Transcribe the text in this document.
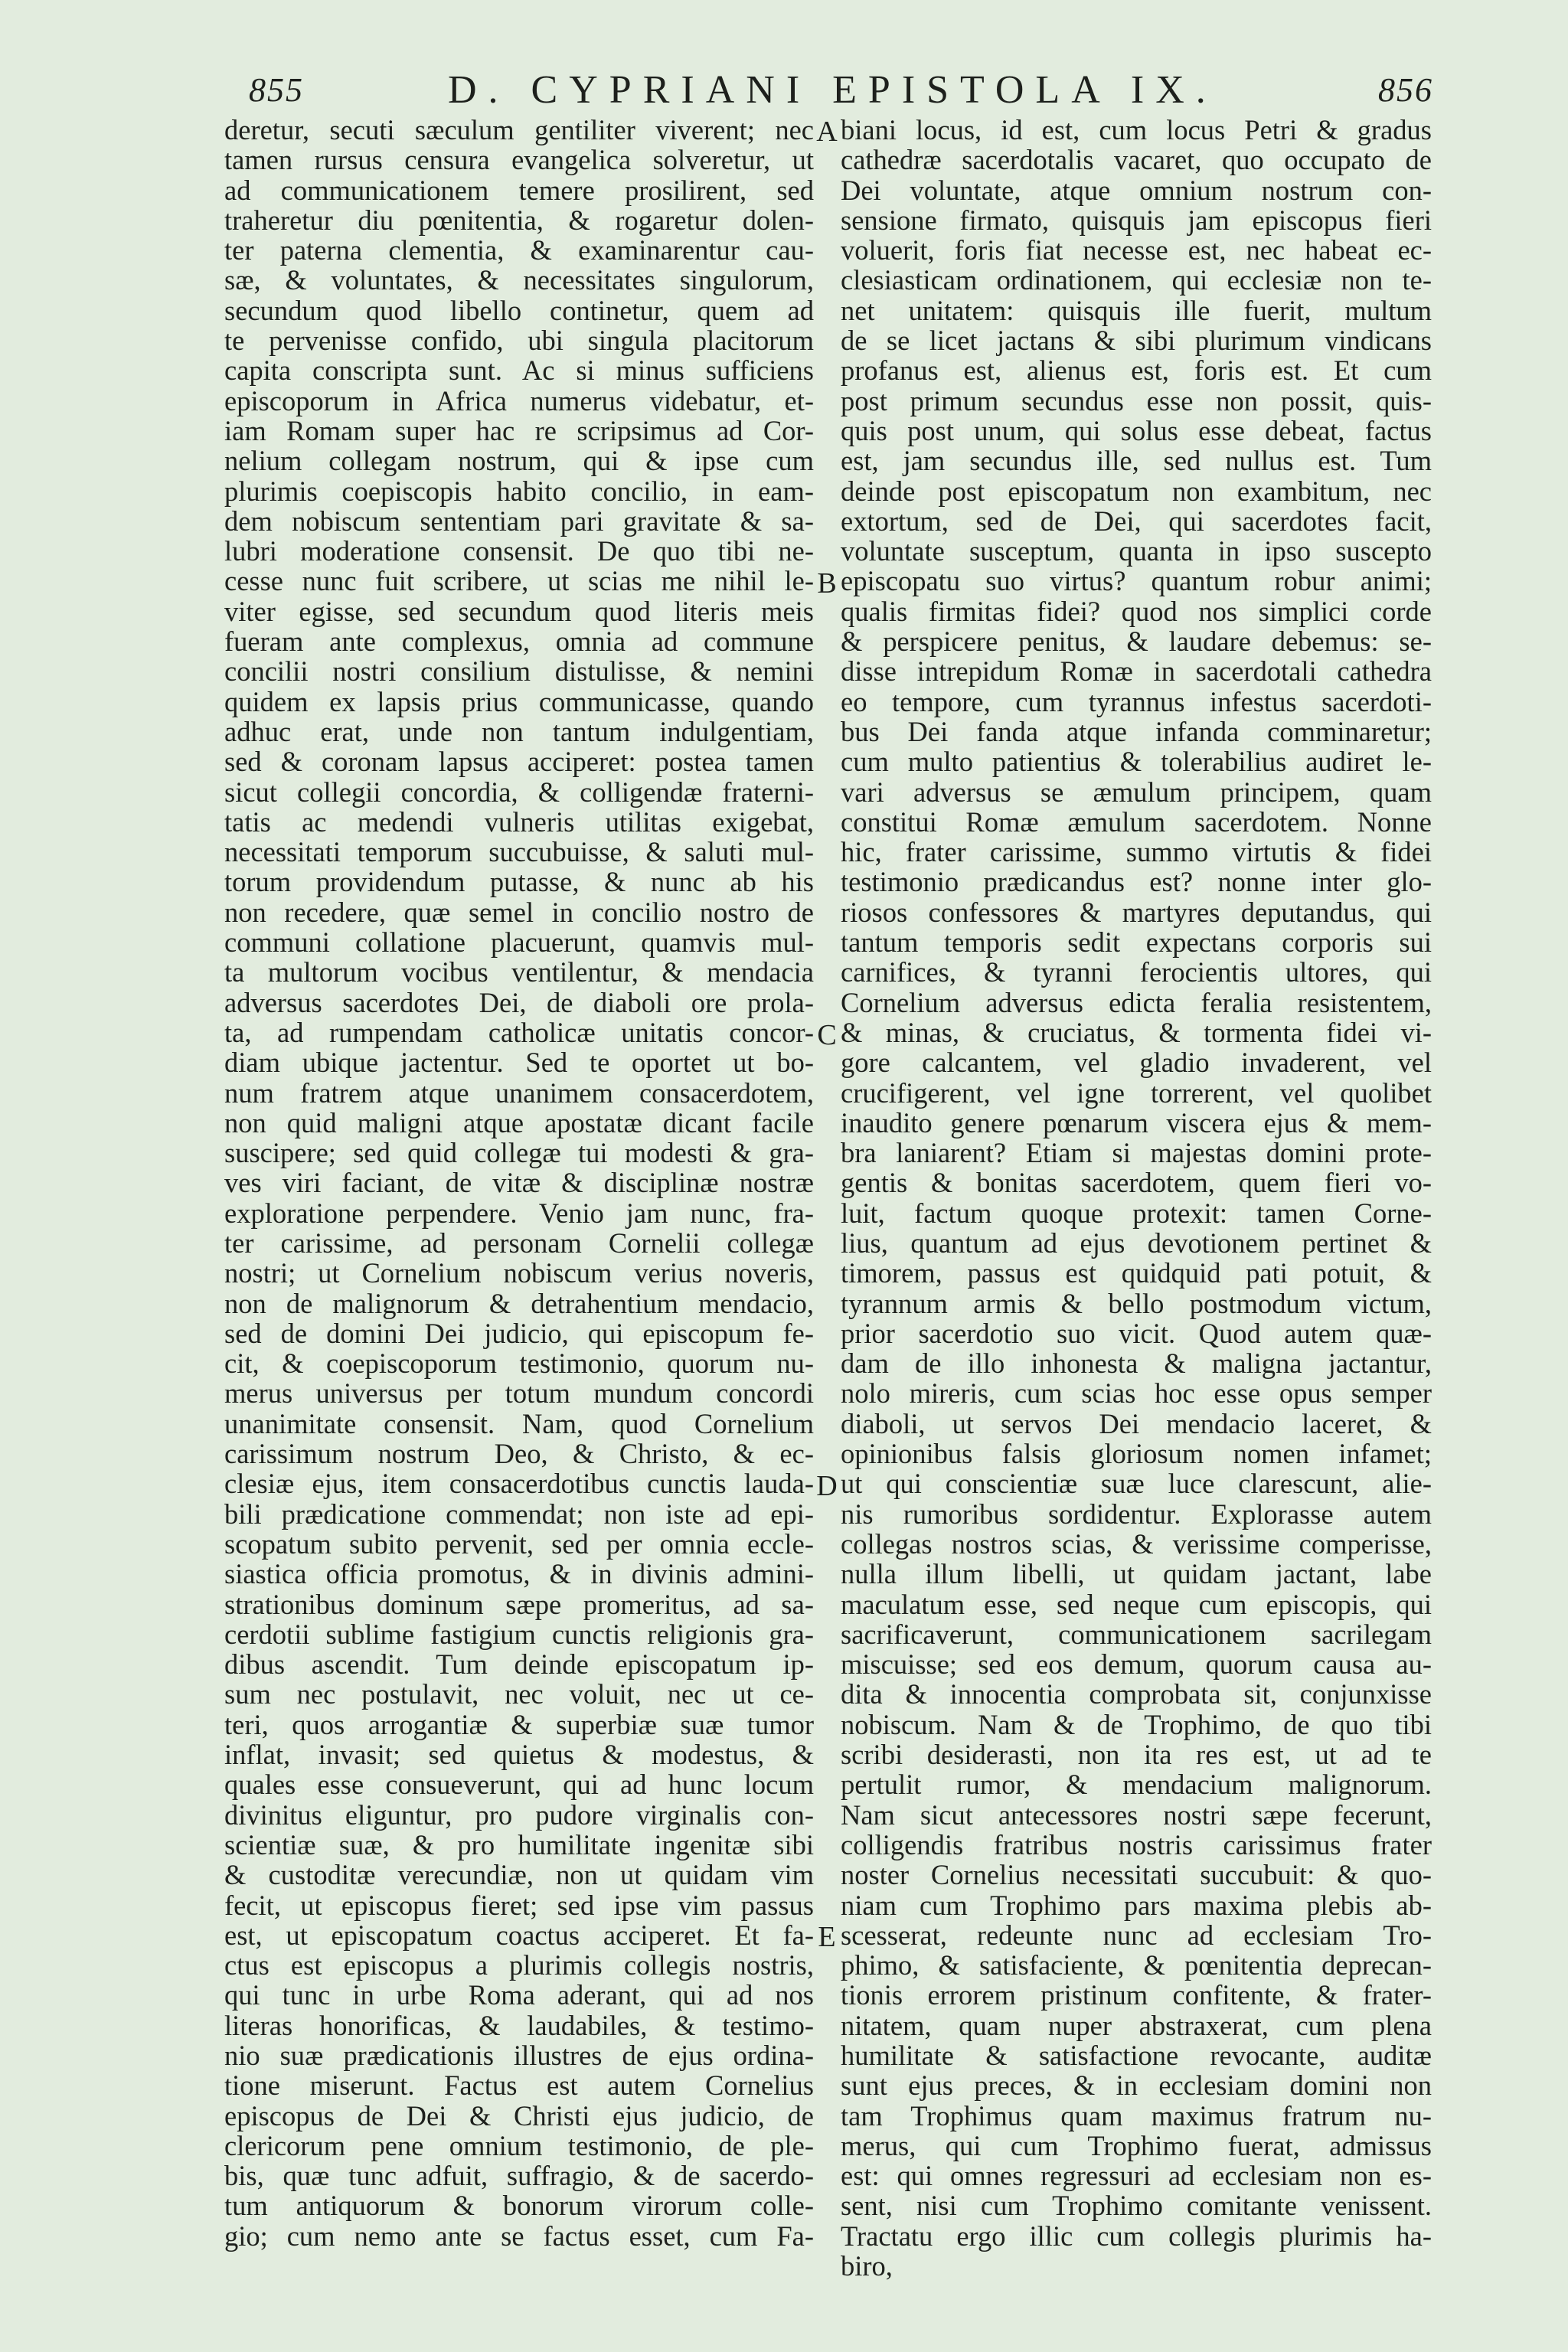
855	D. CYPRIANI EPISTOLA IX.	856
deretur, secuti sæculum gentiliter viverent; nec
tamen rursus censura evangelica solveretur, ut
ad communicationem temere prosilirent, sed
traheretur diu pœnitentia, & rogaretur dolen-
ter paterna clementia, & examinarentur cau-
sæ, & voluntates, & necessitates singulorum,
secundum quod libello continetur, quem ad
te pervenisse confido, ubi singula placitorum
capita conscripta sunt. Ac si minus sufficiens
episcoporum in Africa numerus videbatur, et-
iam Romam super hac re scripsimus ad Cor-
nelium collegam nostrum, qui & ipse cum
plurimis coepiscopis habito concilio, in eam-
dem nobiscum sententiam pari gravitate & sa-
lubri moderatione consensit. De quo tibi ne-
cesse nunc fuit scribere, ut scias me nihil le-
viter egisse, sed secundum quod literis meis
fueram ante complexus, omnia ad commune
concilii nostri consilium distulisse, & nemini
quidem ex lapsis prius communicasse, quando
adhuc erat, unde non tantum indulgentiam,
sed & coronam lapsus acciperet: postea tamen
sicut collegii concordia, & colligendæ fraterni-
tatis ac medendi vulneris utilitas exigebat,
necessitati temporum succubuisse, & saluti mul-
torum providendum putasse, & nunc ab his
non recedere, quæ semel in concilio nostro de
communi collatione placuerunt, quamvis mul-
ta multorum vocibus ventilentur, & mendacia
adversus sacerdotes Dei, de diaboli ore prola-
ta, ad rumpendam catholicæ unitatis concor-
diam ubique jactentur. Sed te oportet ut bo-
num fratrem atque unanimem consacerdotem,
non quid maligni atque apostatæ dicant facile
suscipere; sed quid collegæ tui modesti & gra-
ves viri faciant, de vitæ & disciplinæ nostræ
exploratione perpendere. Venio jam nunc, fra-
ter carissime, ad personam Cornelii collegæ
nostri; ut Cornelium nobiscum verius noveris,
non de malignorum & detrahentium mendacio,
sed de domini Dei judicio, qui episcopum fe-
cit, & coepiscoporum testimonio, quorum nu-
merus universus per totum mundum concordi
unanimitate consensit. Nam, quod Cornelium
carissimum nostrum Deo, & Christo, & ec-
clesiæ ejus, item consacerdotibus cunctis lauda-
bili prædicatione commendat; non iste ad epi-
scopatum subito pervenit, sed per omnia eccle-
siastica officia promotus, & in divinis admini-
strationibus dominum sæpe promeritus, ad sa-
cerdotii sublime fastigium cunctis religionis gra-
dibus ascendit. Tum deinde episcopatum ip-
sum nec postulavit, nec voluit, nec ut ce-
teri, quos arrogantiæ & superbiæ suæ tumor
inflat, invasit; sed quietus & modestus, &
quales esse consueverunt, qui ad hunc locum
divinitus eliguntur, pro pudore virginalis con-
scientiæ suæ, & pro humilitate ingenitæ sibi
& custoditæ verecundiæ, non ut quidam vim
fecit, ut episcopus fieret; sed ipse vim passus
est, ut episcopatum coactus acciperet. Et fa-
ctus est episcopus a plurimis collegis nostris,
qui tunc in urbe Roma aderant, qui ad nos
literas honorificas, & laudabiles, & testimo-
nio suæ prædicationis illustres de ejus ordina-
tione miserunt. Factus est autem Cornelius
episcopus de Dei & Christi ejus judicio, de
clericorum pene omnium testimonio, de ple-
bis, quæ tunc adfuit, suffragio, & de sacerdo-
tum antiquorum & bonorum virorum colle-
gio; cum nemo ante se factus esset, cum Fa-
biani locus, id est, cum locus Petri & gradus
cathedræ sacerdotalis vacaret, quo occupato de
Dei voluntate, atque omnium nostrum con-
sensione firmato, quisquis jam episcopus fieri
voluerit, foris fiat necesse est, nec habeat ec-
clesiasticam ordinationem, qui ecclesiæ non te-
net unitatem: quisquis ille fuerit, multum
de se licet jactans & sibi plurimum vindicans
profanus est, alienus est, foris est. Et cum
post primum secundus esse non possit, quis-
quis post unum, qui solus esse debeat, factus
est, jam secundus ille, sed nullus est. Tum
deinde post episcopatum non exambitum, nec
extortum, sed de Dei, qui sacerdotes facit,
voluntate susceptum, quanta in ipso suscepto
episcopatu suo virtus? quantum robur animi;
qualis firmitas fidei? quod nos simplici corde
& perspicere penitus, & laudare debemus: se-
disse intrepidum Romæ in sacerdotali cathedra
eo tempore, cum tyrannus infestus sacerdoti-
bus Dei fanda atque infanda comminaretur;
cum multo patientius & tolerabilius audiret le-
vari adversus se æmulum principem, quam
constitui Romæ æmulum sacerdotem. Nonne
hic, frater carissime, summo virtutis & fidei
testimonio prædicandus est? nonne inter glo-
riosos confessores & martyres deputandus, qui
tantum temporis sedit expectans corporis sui
carnifices, & tyranni ferocientis ultores, qui
Cornelium adversus edicta feralia resistentem,
& minas, & cruciatus, & tormenta fidei vi-
gore calcantem, vel gladio invaderent, vel
crucifigerent, vel igne torrerent, vel quolibet
inaudito genere pœnarum viscera ejus & mem-
bra laniarent? Etiam si majestas domini prote-
gentis & bonitas sacerdotem, quem fieri vo-
luit, factum quoque protexit: tamen Corne-
lius, quantum ad ejus devotionem pertinet &
timorem, passus est quidquid pati potuit, &
tyrannum armis & bello postmodum victum,
prior sacerdotio suo vicit. Quod autem quæ-
dam de illo inhonesta & maligna jactantur,
nolo mireris, cum scias hoc esse opus semper
diaboli, ut servos Dei mendacio laceret, &
opinionibus falsis gloriosum nomen infamet;
ut qui conscientiæ suæ luce clarescunt, alie-
nis rumoribus sordidentur. Explorasse autem
collegas nostros scias, & verissime comperisse,
nulla illum libelli, ut quidam jactant, labe
maculatum esse, sed neque cum episcopis, qui
sacrificaverunt, communicationem sacrilegam
miscuisse; sed eos demum, quorum causa au-
dita & innocentia comprobata sit, conjunxisse
nobiscum. Nam & de Trophimo, de quo tibi
scribi desiderasti, non ita res est, ut ad te
pertulit rumor, & mendacium malignorum.
Nam sicut antecessores nostri sæpe fecerunt,
colligendis fratribus nostris carissimus frater
noster Cornelius necessitati succubuit: & quo-
niam cum Trophimo pars maxima plebis ab-
scesserat, redeunte nunc ad ecclesiam Tro-
phimo, & satisfaciente, & pœnitentia deprecan-
tionis errorem pristinum confitente, & frater-
nitatem, quam nuper abstraxerat, cum plena
humilitate & satisfactione revocante, auditæ
sunt ejus preces, & in ecclesiam domini non
tam Trophimus quam maximus fratrum nu-
merus, qui cum Trophimo fuerat, admissus
est: qui omnes regressuri ad ecclesiam non es-
sent, nisi cum Trophimo comitante venissent.
Tractatu ergo illic cum collegis plurimis ha-
biro,
A
B
C
D
E
